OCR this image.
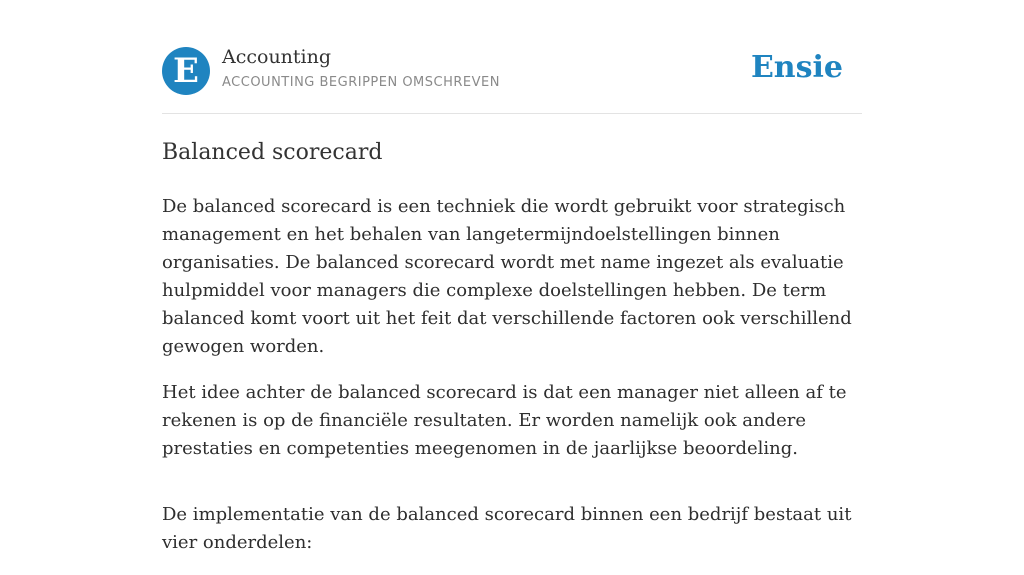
E	Accounting
ACCOUNTING BEGRIPPEN OMSCHREVEN	Ensie
Balanced scorecard

De balanced scorecard is een techniek die wordt gebruikt voor strategisch management en het behalen van langetermijndoelstellingen binnen organisaties. De balanced scorecard wordt met name ingezet als evaluatie hulpmiddel voor managers die complexe doelstellingen hebben. De term balanced komt voort uit het feit dat verschillende factoren ook verschillend gewogen worden.

Het idee achter de balanced scorecard is dat een manager niet alleen af te rekenen is op de financiële resultaten. Er worden namelijk ook andere prestaties en competenties meegenomen in de jaarlijkse beoordeling.

De implementatie van de balanced scorecard binnen een bedrijf bestaat uit vier onderdelen:
